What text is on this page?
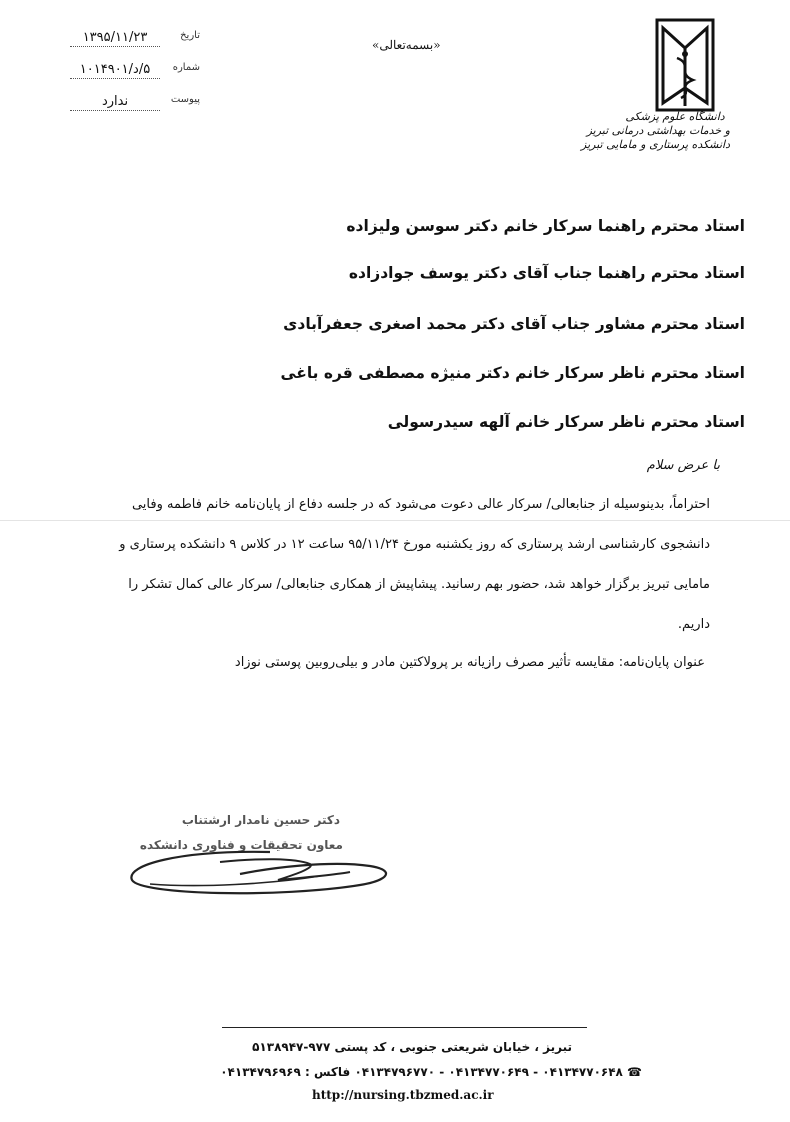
دانشگاه علوم پزشکی
و خدمات بهداشتی درمانی تبریز
دانشکده پرستاری و مامایی تبریز
«بسمه‌تعالی»
تاریخ
۱۳۹۵/۱۱/۲۳
شماره
۵/د/۱۰۱۴۹۰۱
پیوست
ندارد
استاد محترم راهنما سرکار خانم دکتر سوسن ولیزاده
استاد محترم راهنما جناب آقای دکتر یوسف جوادزاده
استاد محترم مشاور جناب آقای دکتر محمد اصغری جعفرآبادی
استاد محترم ناظر سرکار خانم دکتر منیژه مصطفی قره باغی
استاد محترم ناظر سرکار خانم آلهه سیدرسولی
با عرض سلام
احتراماً، بدینوسیله از جنابعالی/ سرکار عالی دعوت می‌شود که در جلسه دفاع از پایان‌نامه خانم فاطمه وفایی
دانشجوی کارشناسی ارشد پرستاری که روز یکشنبه مورخ ۹۵/۱۱/۲۴ ساعت ۱۲ در کلاس ۹ دانشکده پرستاری و
مامایی تبریز برگزار خواهد شد، حضور بهم رسانید. پیشاپیش از همکاری جنابعالی/ سرکار عالی کمال تشکر را
داریم.
عنوان پایان‌نامه: مقایسه تأثیر مصرف رازیانه بر پرولاکتین مادر و بیلی‌روبین پوستی نوزاد
دکتر حسین نامدار ارشتناب
معاون تحقیقات و فناوری دانشکده
تبریز ، خیابان شریعتی جنوبی ، کد پستی ۹۷۷-۵۱۳۸۹۴۷
☎ ۰۴۱۳۴۷۷۰۶۴۸ - ۰۴۱۳۴۷۷۰۶۴۹ - ۰۴۱۳۴۷۹۶۷۷۰ فاکس : ۰۴۱۳۴۷۹۶۹۶۹
http://nursing.tbzmed.ac.ir
